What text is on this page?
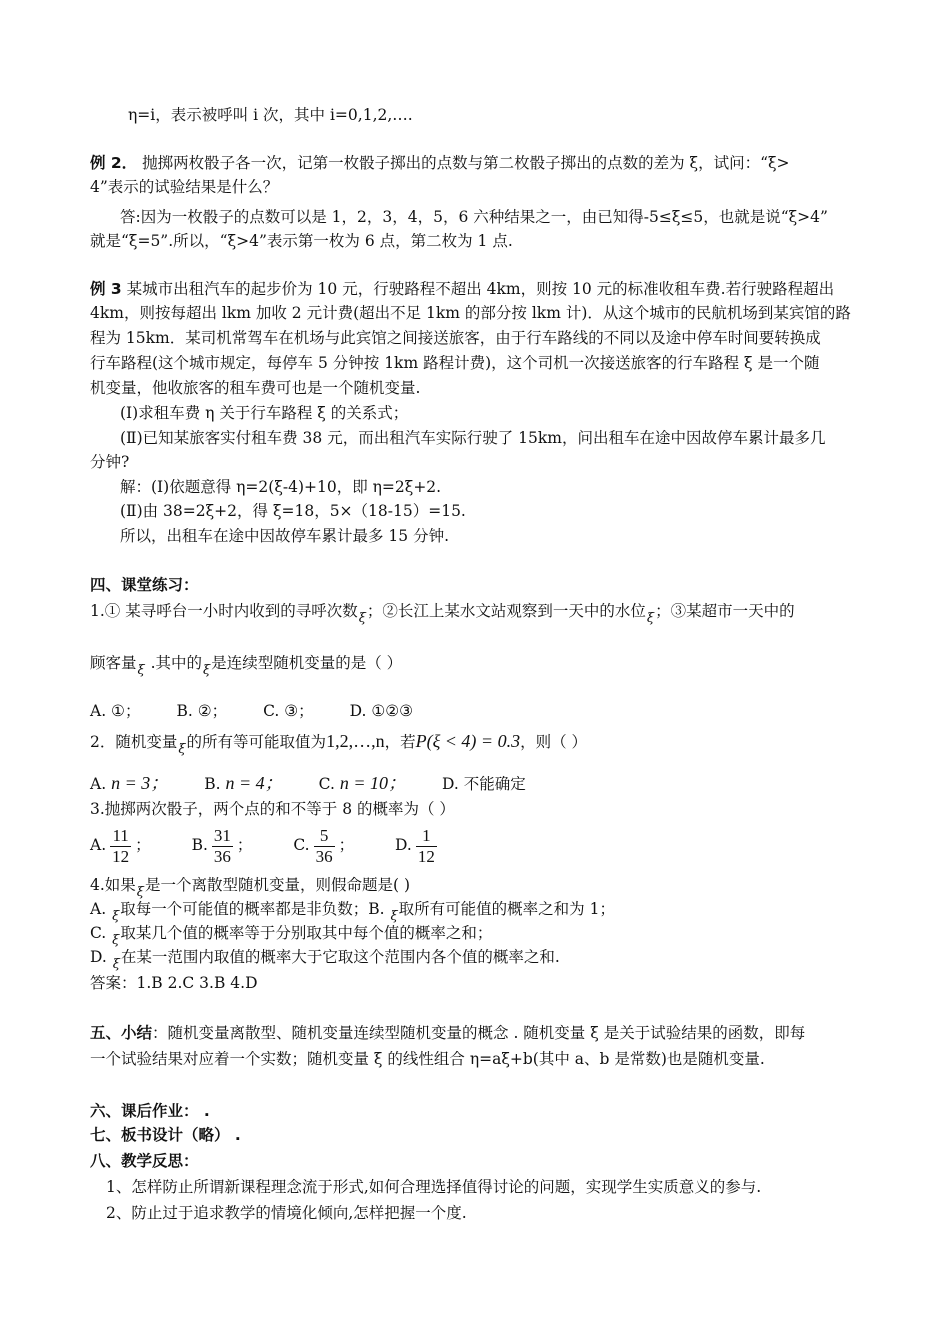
η=i，表示被呼叫 i 次，其中 i=0,1,2,….
例 2． 抛掷两枚骰子各一次，记第一枚骰子掷出的点数与第二枚骰子掷出的点数的差为 ξ，试问：“ξ>
4”表示的试验结果是什么？
答:因为一枚骰子的点数可以是 1，2，3，4，5，6 六种结果之一，由已知得-5≤ξ≤5，也就是说“ξ>4”
就是“ξ=5”.所以，“ξ>4”表示第一枚为 6 点，第二枚为 1 点.
例 3 某城市出租汽车的起步价为 10 元，行驶路程不超出 4km，则按 10 元的标准收租车费.若行驶路程超出
4km，则按每超出 lkm 加收 2 元计费(超出不足 1km 的部分按 lkm 计)．从这个城市的民航机场到某宾馆的路
程为 15km．某司机常驾车在机场与此宾馆之间接送旅客，由于行车路线的不同以及途中停车时间要转换成
行车路程(这个城市规定，每停车 5 分钟按 1km 路程计费)，这个司机一次接送旅客的行车路程 ξ 是一个随
机变量，他收旅客的租车费可也是一个随机变量.
(Ⅰ)求租车费 η 关于行车路程 ξ 的关系式；
(Ⅱ)已知某旅客实付租车费 38 元，而出租汽车实际行驶了 15km，问出租车在途中因故停车累计最多几
分钟?
解：(Ⅰ)依题意得 η=2(ξ-4)+10，即 η=2ξ+2.
(Ⅱ)由 38=2ξ+2，得 ξ=18，5×（18-15）=15.
所以，出租车在途中因故停车累计最多 15 分钟.
四、课堂练习：
1.① 某寻呼台一小时内收到的寻呼次数$_\xi$；②长江上某水文站观察到一天中的水位$_\xi$；③某超市一天中的
顾客量$_\xi$ .其中的$_\xi$是连续型随机变量的是（ ）
A. ①； B. ②； C. ③； D. ①②③
2．随机变量$_\xi$的所有等可能取值为1,2,…,n，若P(ξ < 4) = 0.3，则（ ）
A. n = 3； B. n = 4； C. n = 10； D. 不能确定
3.抛掷两次骰子，两个点的和不等于 8 的概率为（ ）
A. $\frac{11}{12}$ ；	B. $\frac{31}{36}$ ；	C. $\frac{5}{36}$ ；	D. $\frac{1}{12}$
4.如果$_\xi$是一个离散型随机变量，则假命题是( )
A. $_\xi$取每一个可能值的概率都是非负数；B. $_\xi$取所有可能值的概率之和为 1；
C. $_\xi$取某几个值的概率等于分别取其中每个值的概率之和；
D. $_\xi$在某一范围内取值的概率大于它取这个范围内各个值的概率之和.
答案：1.B 2.C 3.B 4.D
五、小结：随机变量离散型、随机变量连续型随机变量的概念 . 随机变量 ξ 是关于试验结果的函数，即每
一个试验结果对应着一个实数；随机变量 ξ 的线性组合 η=aξ+b(其中 a、b 是常数)也是随机变量.
六、课后作业： .
七、板书设计（略） .
八、教学反思：
1、怎样防止所谓新课程理念流于形式,如何合理选择值得讨论的问题，实现学生实质意义的参与.
2、防止过于追求教学的情境化倾向,怎样把握一个度.
